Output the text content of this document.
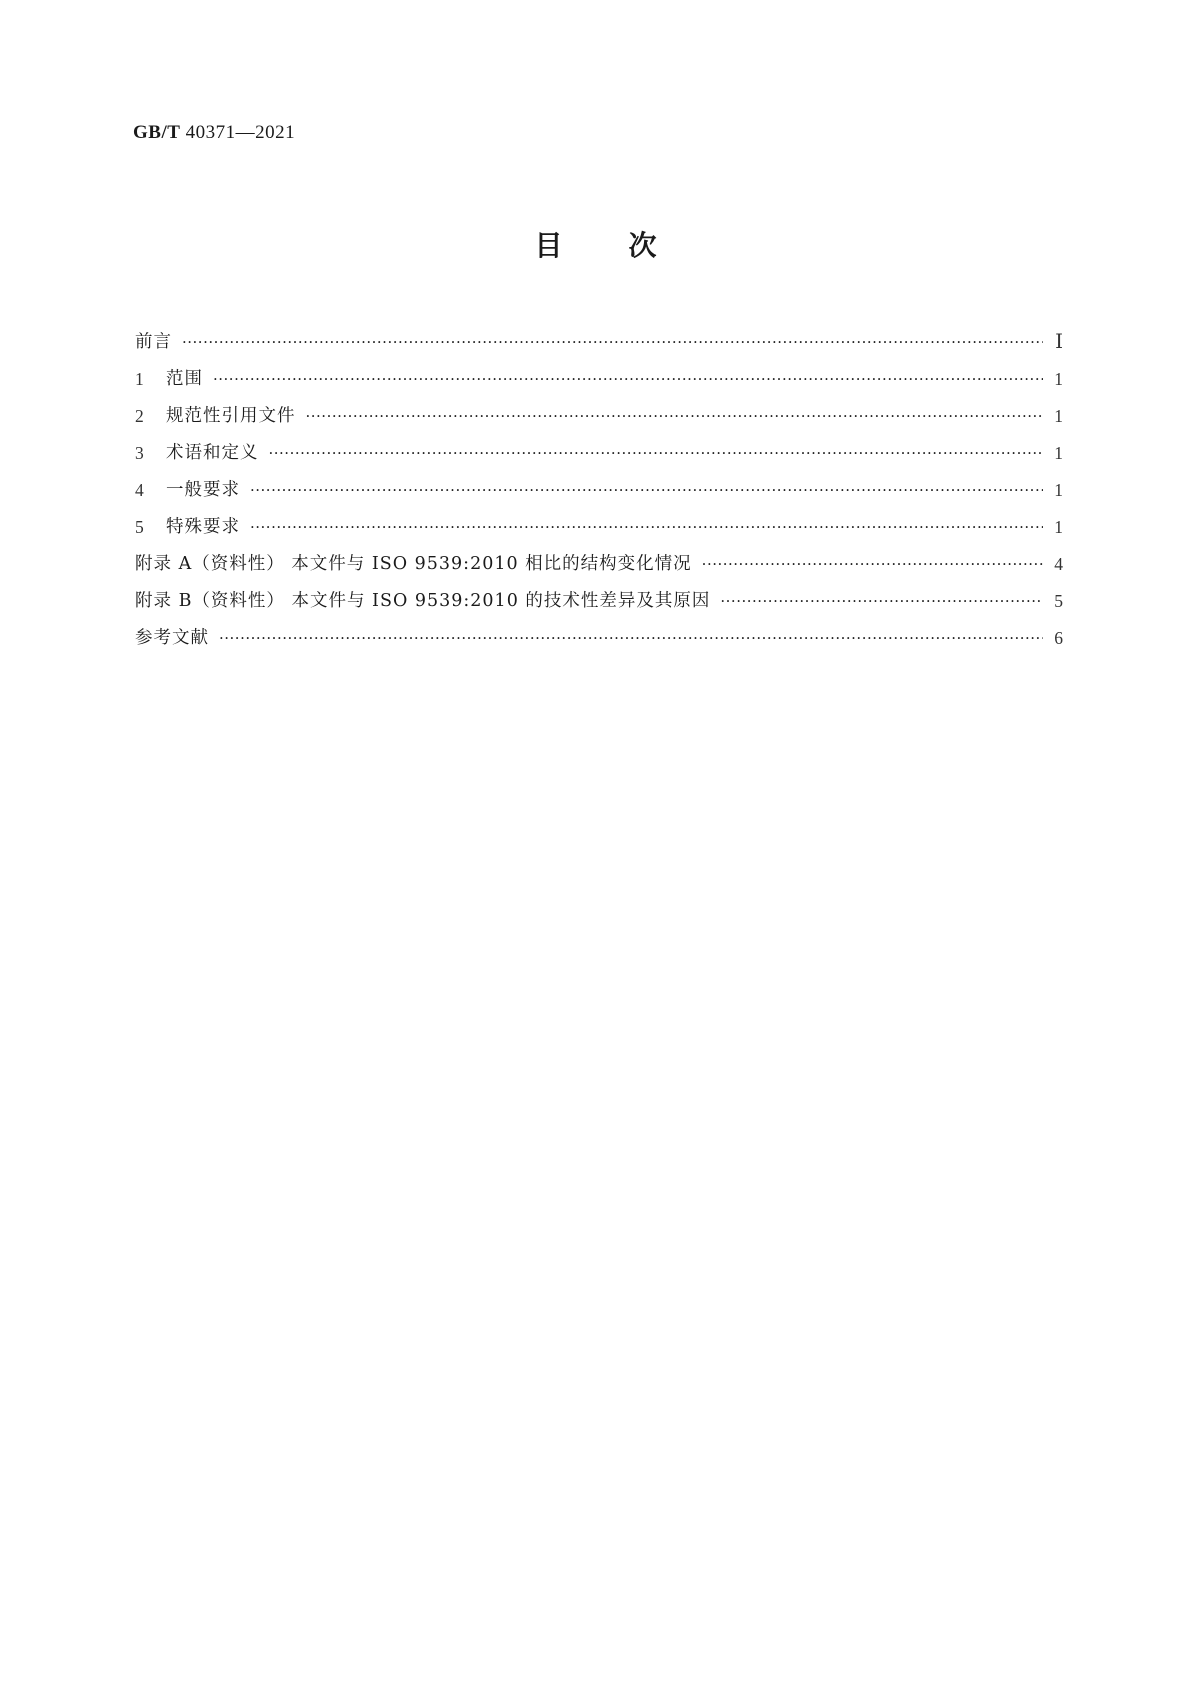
GB/T 40371—2021
目次
前言 ·····	Ⅰ
1	范围 ·····	1
2	规范性引用文件 ·····	1
3	术语和定义 ·····	1
4	一般要求 ·····	1
5	特殊要求 ·····	1
附录 A（资料性） 本文件与 ISO 9539:2010 相比的结构变化情况 ·····	4
附录 B（资料性） 本文件与 ISO 9539:2010 的技术性差异及其原因 ·····	5
参考文献 ·····	6
